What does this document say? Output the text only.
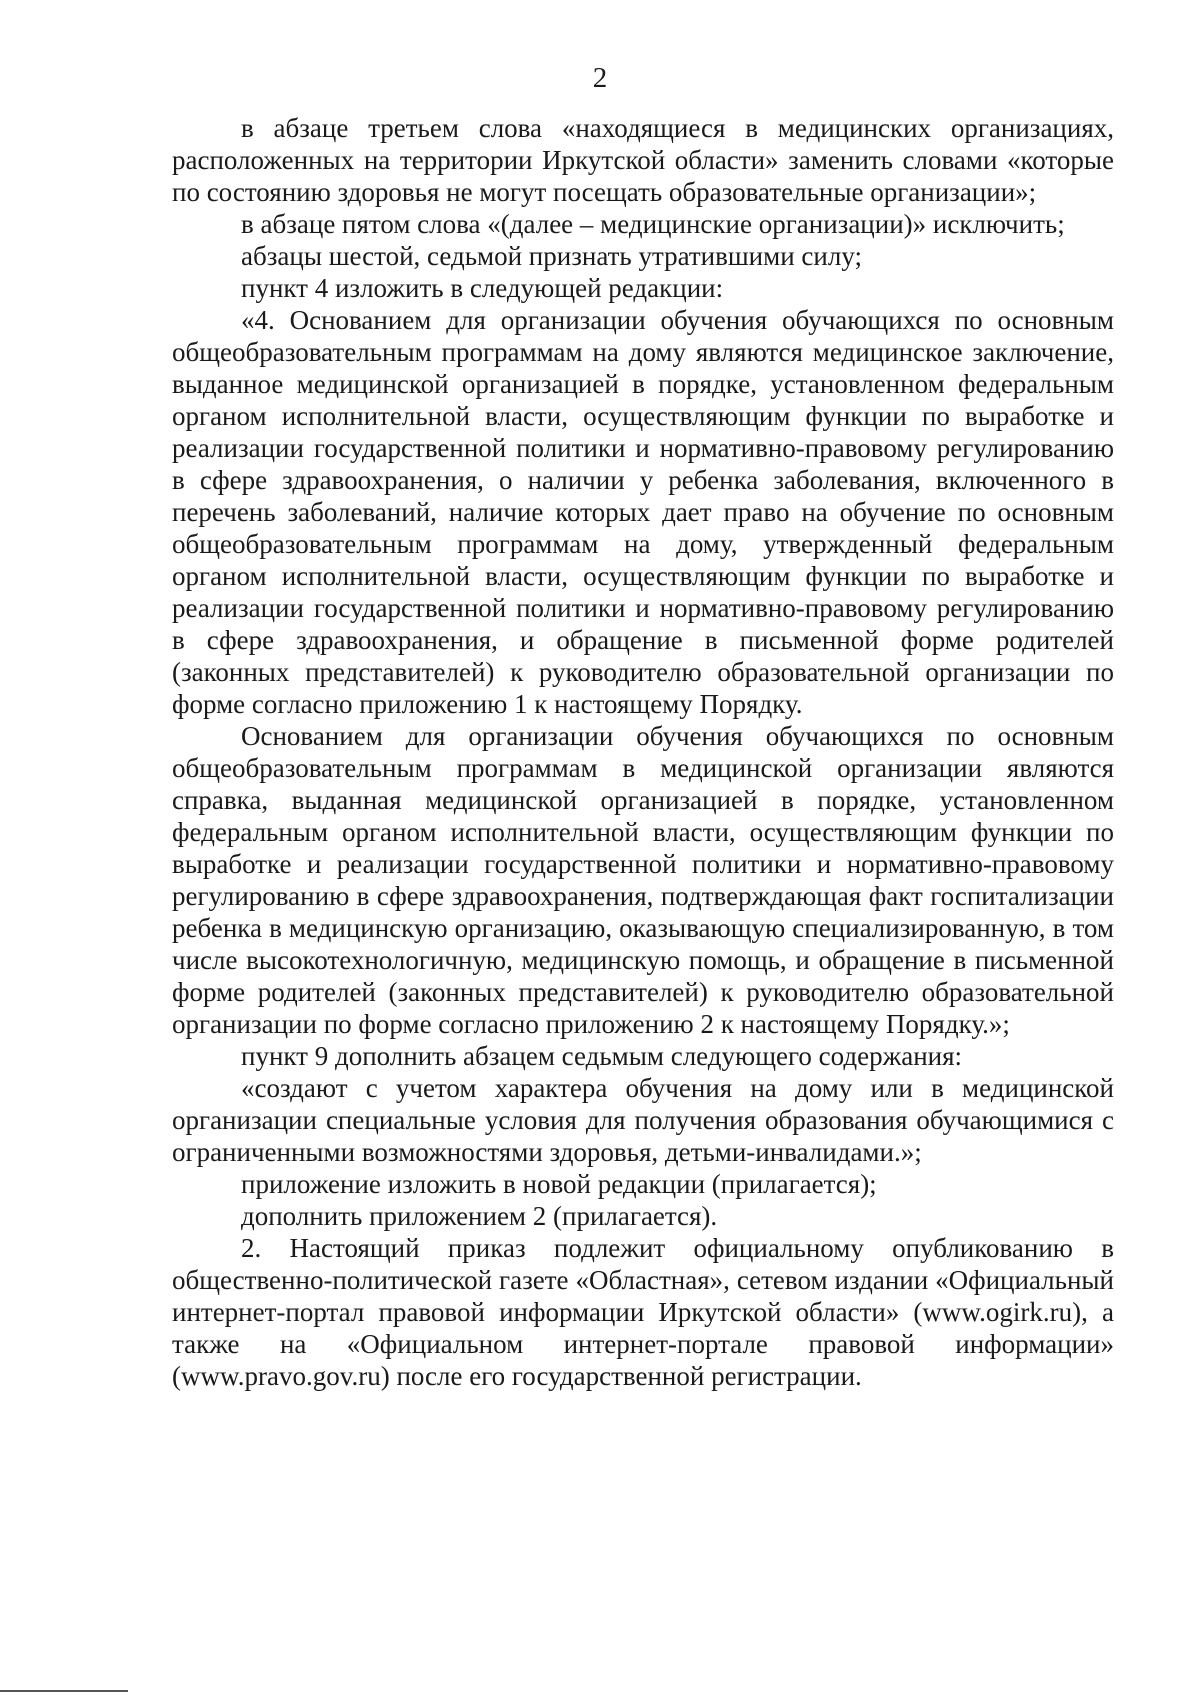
2

в абзаце третьем слова «находящиеся в медицинских организациях, расположенных на территории Иркутской области» заменить словами «которые по состоянию здоровья не могут посещать образовательные организации»;

в абзаце пятом слова «(далее – медицинские организации)» исключить;

абзацы шестой, седьмой признать утратившими силу;

пункт 4 изложить в следующей редакции:

«4. Основанием для организации обучения обучающихся по основным общеобразовательным программам на дому являются медицинское заключение, выданное медицинской организацией в порядке, установленном федеральным органом исполнительной власти, осуществляющим функции по выработке и реализации государственной политики и нормативно-правовому регулированию в сфере здравоохранения, о наличии у ребенка заболевания, включенного в перечень заболеваний, наличие которых дает право на обучение по основным общеобразовательным программам на дому, утвержденный федеральным органом исполнительной власти, осуществляющим функции по выработке и реализации государственной политики и нормативно-правовому регулированию в сфере здравоохранения, и обращение в письменной форме родителей (законных представителей) к руководителю образовательной организации по форме согласно приложению 1 к настоящему Порядку.

Основанием для организации обучения обучающихся по основным общеобразовательным программам в медицинской организации являются справка, выданная медицинской организацией в порядке, установленном федеральным органом исполнительной власти, осуществляющим функции по выработке и реализации государственной политики и нормативно-правовому регулированию в сфере здравоохранения, подтверждающая факт госпитализации ребенка в медицинскую организацию, оказывающую специализированную, в том числе высокотехнологичную, медицинскую помощь, и обращение в письменной форме родителей (законных представителей) к руководителю образовательной организации по форме согласно приложению 2 к настоящему Порядку.»;

пункт 9 дополнить абзацем седьмым следующего содержания:

«создают с учетом характера обучения на дому или в медицинской организации специальные условия для получения образования обучающимися с ограниченными возможностями здоровья, детьми-инвалидами.»;

приложение изложить в новой редакции (прилагается);

дополнить приложением 2 (прилагается).

2. Настоящий приказ подлежит официальному опубликованию в общественно-политической газете «Областная», сетевом издании «Официальный интернет-портал правовой информации Иркутской области» (www.ogirk.ru), а также на «Официальном интернет-портале правовой информации» (www.pravo.gov.ru) после его государственной регистрации.
